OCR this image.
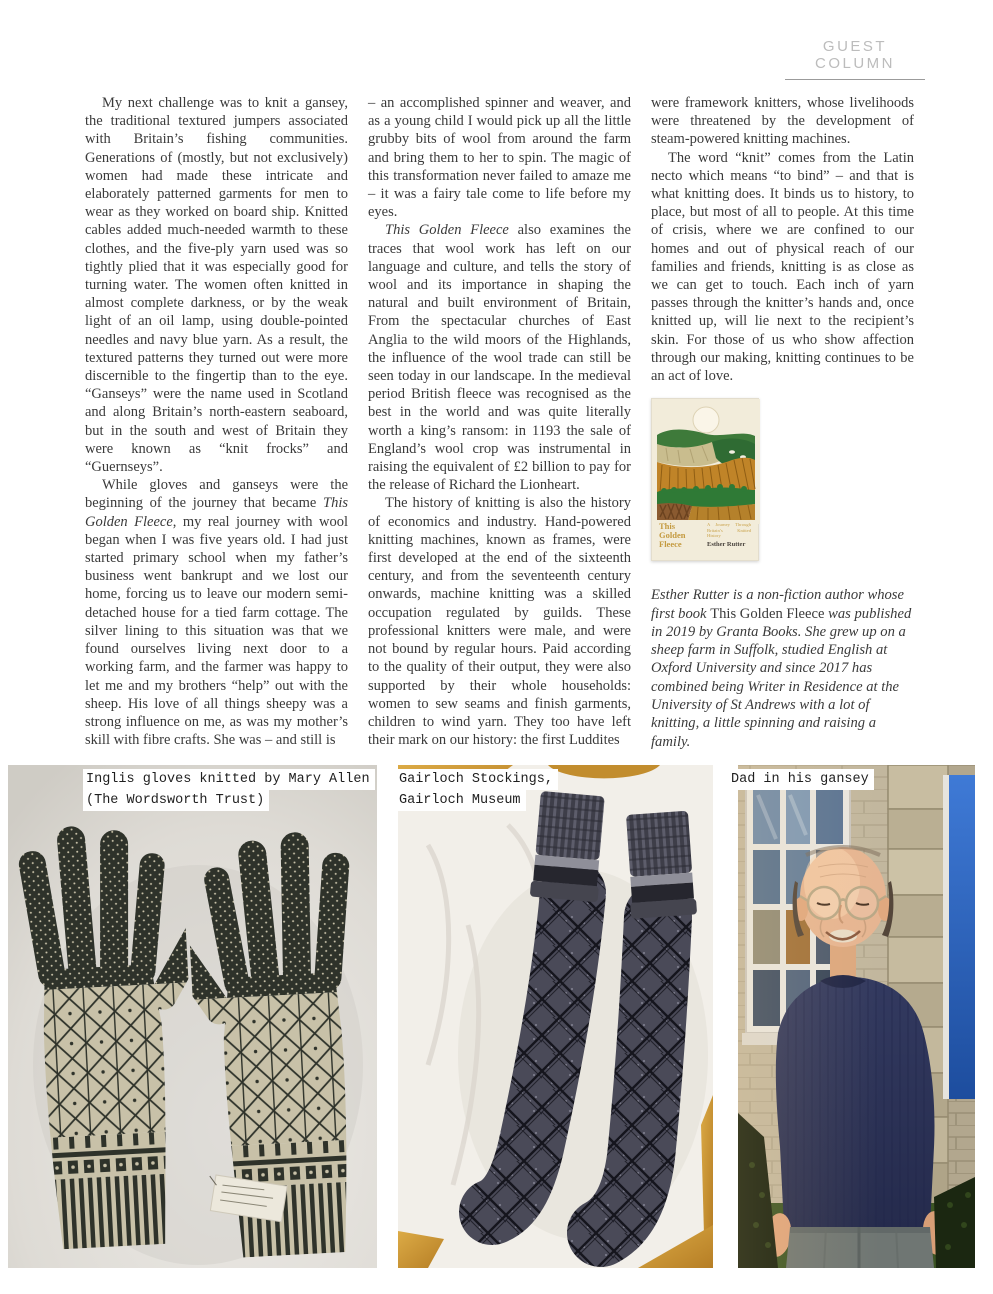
GUEST COLUMN

My next challenge was to knit a gansey, the traditional textured jumpers associated with Britain’s fishing communities. Generations of (mostly, but not exclusively) women had made these intricate and elaborately patterned garments for men to wear as they worked on board ship. Knitted cables added much-needed warmth to these clothes, and the five-ply yarn used was so tightly plied that it was especially good for turning water. The women often knitted in almost complete darkness, or by the weak light of an oil lamp, using double-pointed needles and navy blue yarn. As a result, the textured patterns they turned out were more discernible to the fingertip than to the eye. “Ganseys” were the name used in Scotland and along Britain’s north-eastern seaboard, but in the south and west of Britain they were known as “knit frocks” and “Guernseys”.

While gloves and ganseys were the beginning of the journey that became This Golden Fleece, my real journey with wool began when I was five years old. I had just started primary school when my father’s business went bankrupt and we lost our home, forcing us to leave our modern semi-detached house for a tied farm cottage. The silver lining to this situation was that we found ourselves living next door to a working farm, and the farmer was happy to let me and my brothers “help” out with the sheep. His love of all things sheepy was a strong influence on me, as was my mother’s skill with fibre crafts. She was – and still is

– an accomplished spinner and weaver, and as a young child I would pick up all the little grubby bits of wool from around the farm and bring them to her to spin. The magic of this transformation never failed to amaze me – it was a fairy tale come to life before my eyes.

This Golden Fleece also examines the traces that wool work has left on our language and culture, and tells the story of wool and its importance in shaping the natural and built environment of Britain, From the spectacular churches of East Anglia to the wild moors of the Highlands, the influence of the wool trade can still be seen today in our landscape. In the medieval period British fleece was recognised as the best in the world and was quite literally worth a king’s ransom: in 1193 the sale of England’s wool crop was instrumental in raising the equivalent of £2 billion to pay for the release of Richard the Lionheart.

The history of knitting is also the history of economics and industry. Hand-powered knitting machines, known as frames, were first developed at the end of the sixteenth century, and from the seventeenth century onwards, machine knitting was a skilled occupation regulated by guilds. These professional knitters were male, and were not bound by regular hours. Paid according to the quality of their output, they were also supported by their whole households: women to sew seams and finish garments, children to wind yarn. They too have left their mark on our history: the first Luddites

were framework knitters, whose livelihoods were threatened by the development of steam-powered knitting machines.

The word “knit” comes from the Latin necto which means “to bind” – and that is what knitting does. It binds us to history, to place, but most of all to people. At this time of crisis, where we are confined to our homes and out of physical reach of our families and friends, knitting is as close as we can get to touch. Each inch of yarn passes through the knitter’s hands and, once knitted up, will lie next to the recipient’s skin. For those of us who show affection through our making, knitting continues to be an act of love.

This Golden Fleece
A Journey Through Britain’s Knitted History
Esther Rutter
Esther Rutter is a non-fiction author whose first book This Golden Fleece was published in 2019 by Granta Books. She grew up on a sheep farm in Suffolk, studied English at Oxford University and since 2017 has combined being Writer in Residence at the University of St Andrews with a lot of knitting, a little spinning and raising a family.
Inglis gloves knitted by Mary Allen
(The Wordsworth Trust)
Gairloch Stockings,
Gairloch Museum
Dad in his gansey
